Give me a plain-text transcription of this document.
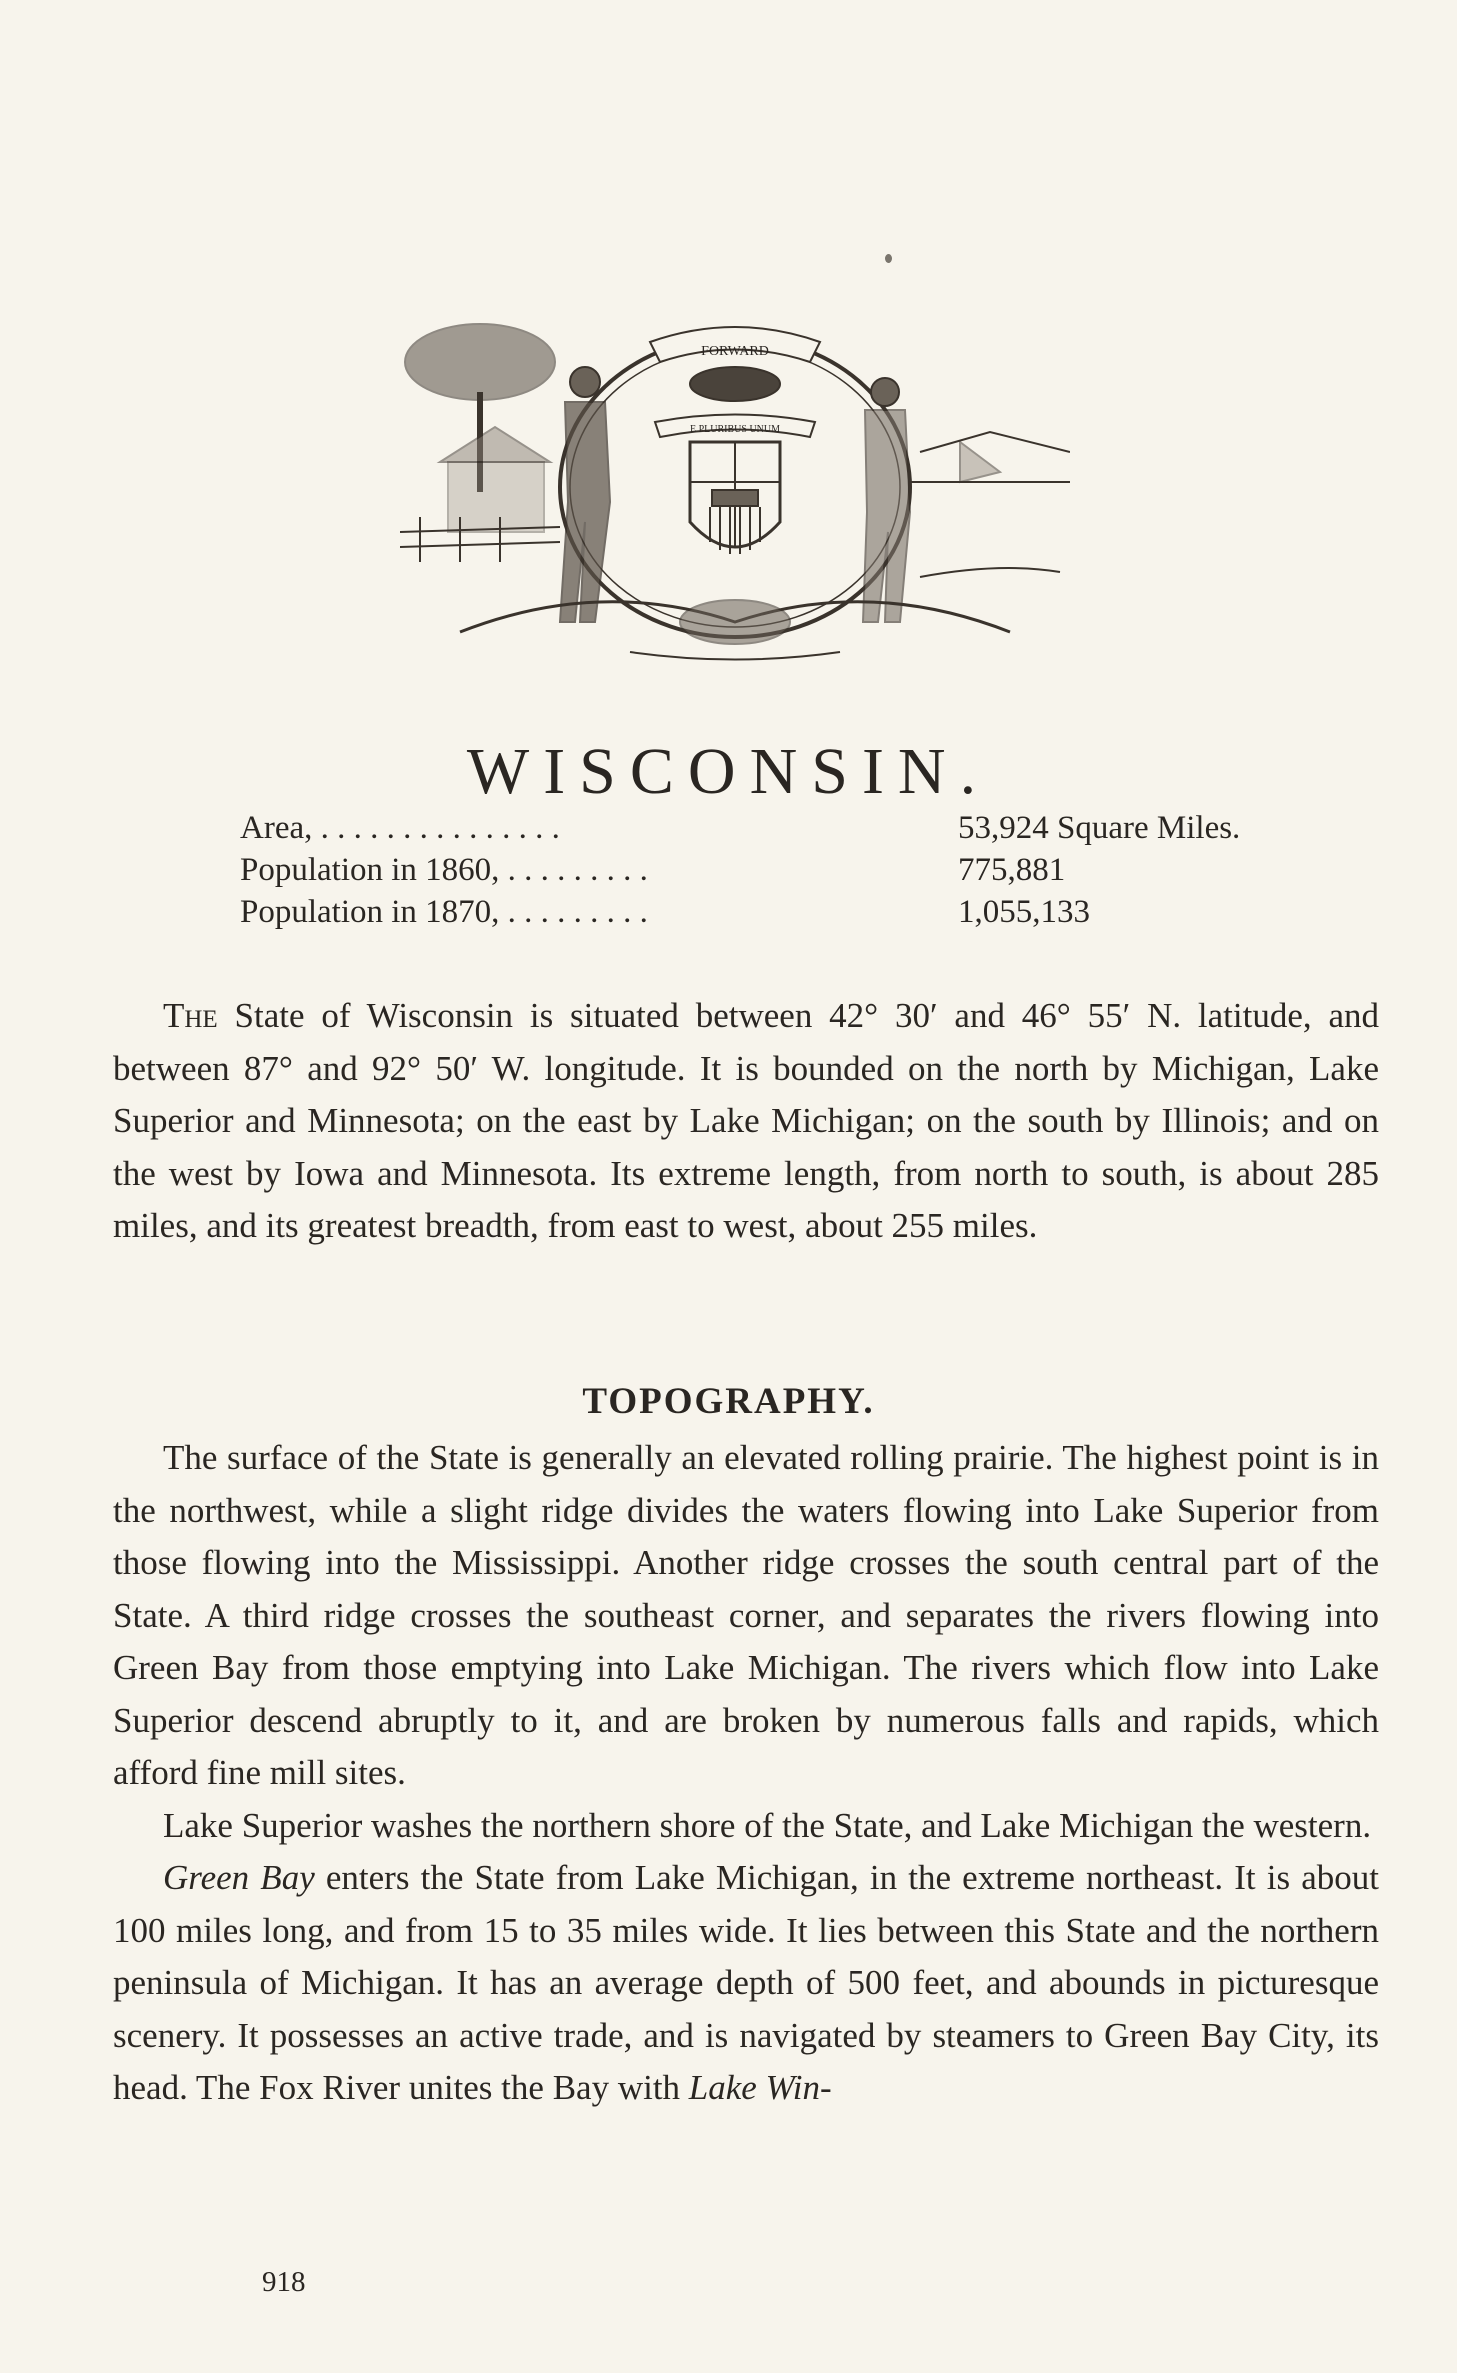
FORWARD
E PLURIBUS UNUM
WISCONSIN.
Area, . . . . . . . . . . . . . . .	53,924 Square Miles.
Population in 1860, . . . . . . . . .	775,881
Population in 1870, . . . . . . . . .	1,055,133

The State of Wisconsin is situated between 42° 30′ and 46° 55′ N. latitude, and between 87° and 92° 50′ W. longitude. It is bounded on the north by Michigan, Lake Superior and Minnesota; on the east by Lake Michigan; on the south by Illinois; and on the west by Iowa and Minnesota. Its extreme length, from north to south, is about 285 miles, and its greatest breadth, from east to west, about 255 miles.

TOPOGRAPHY.

The surface of the State is generally an elevated rolling prairie. The highest point is in the northwest, while a slight ridge divides the waters flowing into Lake Superior from those flowing into the Mississippi. Another ridge crosses the south central part of the State. A third ridge crosses the southeast corner, and separates the rivers flowing into Green Bay from those emptying into Lake Michigan. The rivers which flow into Lake Superior descend abruptly to it, and are broken by numerous falls and rapids, which afford fine mill sites.

Lake Superior washes the northern shore of the State, and Lake Michigan the western.

Green Bay enters the State from Lake Michigan, in the extreme northeast. It is about 100 miles long, and from 15 to 35 miles wide. It lies between this State and the northern peninsula of Michigan. It has an average depth of 500 feet, and abounds in picturesque scenery. It possesses an active trade, and is navigated by steamers to Green Bay City, its head. The Fox River unites the Bay with Lake Win-

918
